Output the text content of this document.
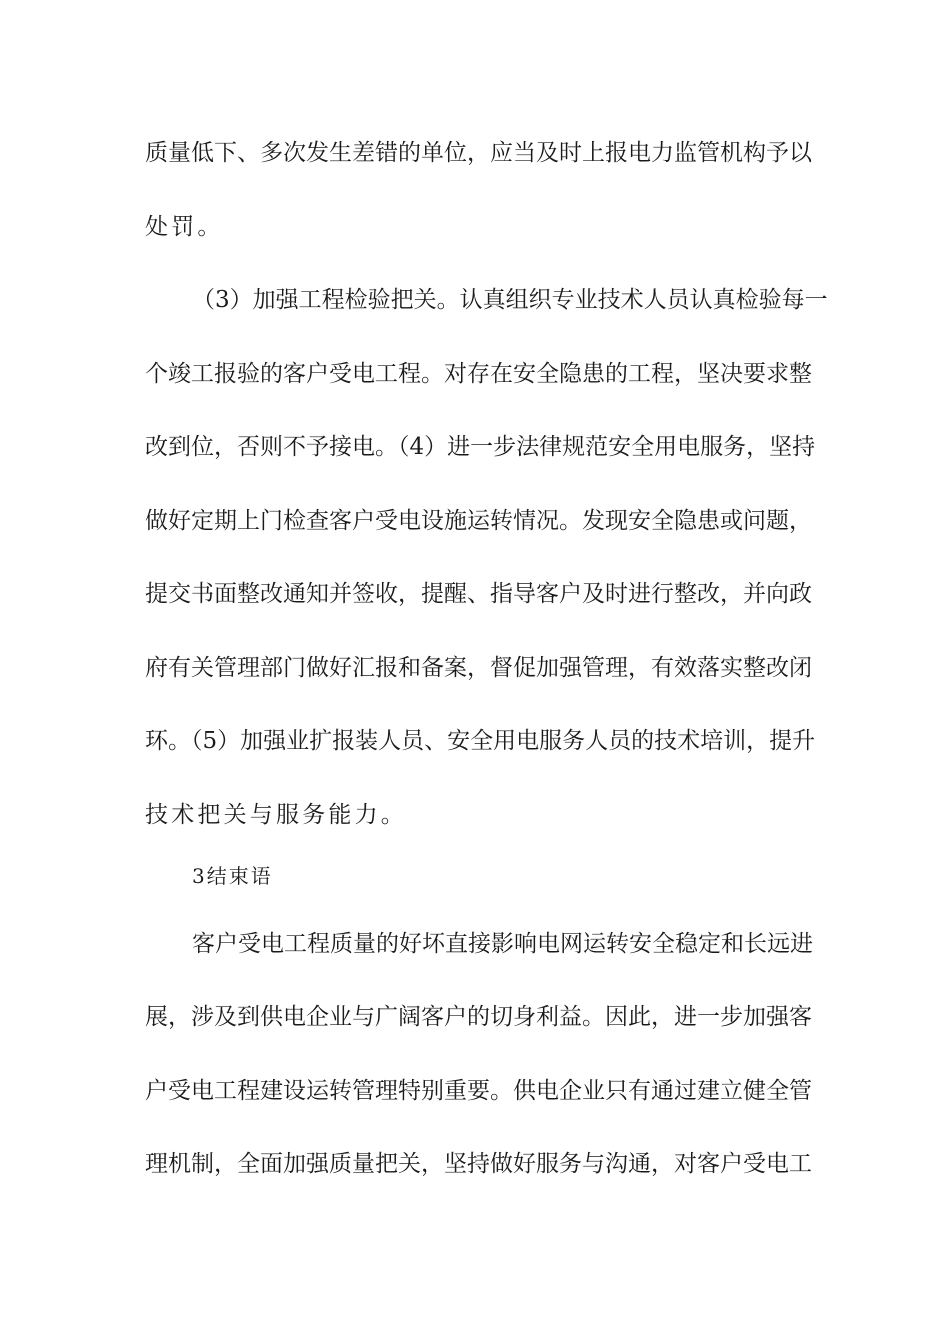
质量低下、多次发生差错的单位，应当及时上报电力监管机构予以
处罚。
（3）加强工程检验把关。认真组织专业技术人员认真检验每一
个竣工报验的客户受电工程。对存在安全隐患的工程，坚决要求整
改到位，否则不予接电。（4）进一步法律规范安全用电服务，坚持
做好定期上门检查客户受电设施运转情况。发现安全隐患或问题，
提交书面整改通知并签收，提醒、指导客户及时进行整改，并向政
府有关管理部门做好汇报和备案，督促加强管理，有效落实整改闭
环。（5）加强业扩报装人员、安全用电服务人员的技术培训，提升
技术把关与服务能力。
3结束语
客户受电工程质量的好坏直接影响电网运转安全稳定和长远进
展，涉及到供电企业与广阔客户的切身利益。因此，进一步加强客
户受电工程建设运转管理特别重要。供电企业只有通过建立健全管
理机制，全面加强质量把关，坚持做好服务与沟通，对客户受电工
